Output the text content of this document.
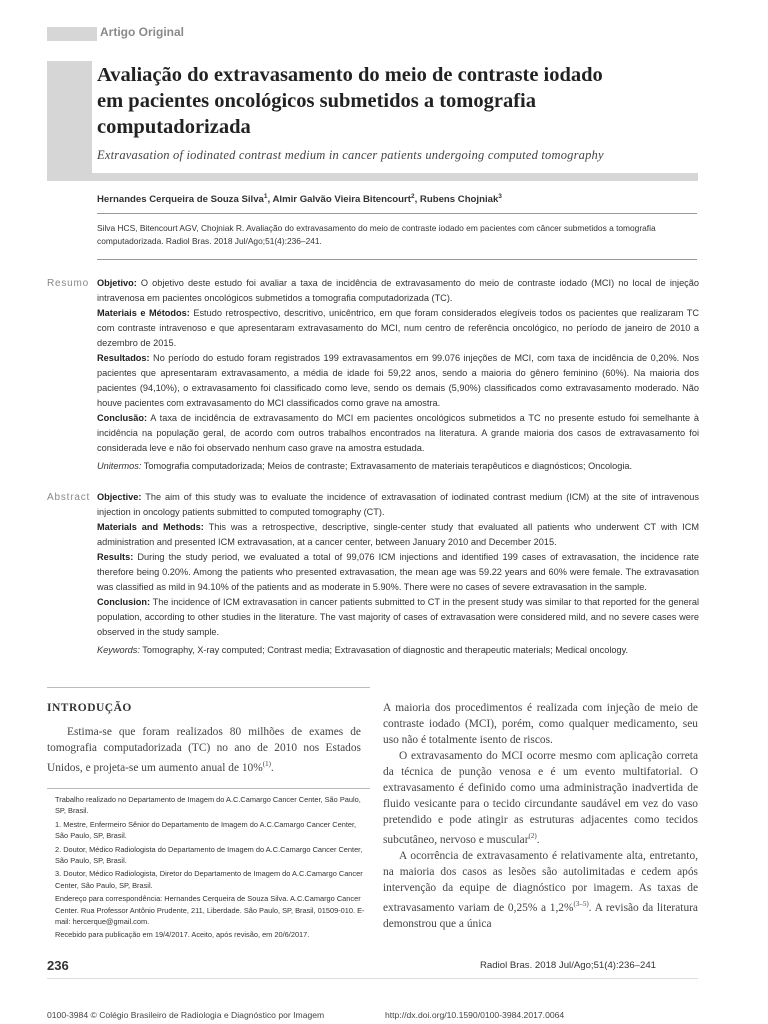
Artigo Original
Avaliação do extravasamento do meio de contraste iodado
em pacientes oncológicos submetidos a tomografia
computadorizada
Extravasation of iodinated contrast medium in cancer patients undergoing computed tomography
Hernandes Cerqueira de Souza Silva$^1$, Almir Galvão Vieira Bitencourt$^2$, Rubens Chojniak$^3$
Silva HCS, Bitencourt AGV, Chojniak R. Avaliação do extravasamento do meio de contraste iodado em pacientes com câncer submetidos a tomografia computadorizada. Radiol Bras. 2018 Jul/Ago;51(4):236–241.
Resumo Objetivo: O objetivo deste estudo foi avaliar a taxa de incidência de extravasamento do meio de contraste iodado (MCI) no local de injeção intravenosa em pacientes oncológicos submetidos a tomografia computadorizada (TC).

Materiais e Métodos: Estudo retrospectivo, descritivo, unicêntrico, em que foram considerados elegíveis todos os pacientes que realizaram TC com contraste intravenoso e que apresentaram extravasamento do MCI, num centro de referência oncológico, no período de janeiro de 2010 a dezembro de 2015.

Resultados: No período do estudo foram registrados 199 extravasamentos em 99.076 injeções de MCI, com taxa de incidência de 0,20%. Nos pacientes que apresentaram extravasamento, a média de idade foi 59,22 anos, sendo a maioria do gênero feminino (60%). Na maioria dos pacientes (94,10%), o extravasamento foi classificado como leve, sendo os demais (5,90%) classificados como extravasamento moderado. Não houve pacientes com extravasamento do MCI classificados como grave na amostra.

Conclusão: A taxa de incidência de extravasamento do MCI em pacientes oncológicos submetidos a TC no presente estudo foi semelhante à incidência na população geral, de acordo com outros trabalhos encontrados na literatura. A grande maioria dos casos de extravasamento foi considerada leve e não foi observado nenhum caso grave na amostra estudada.

Unitermos: Tomografia computadorizada; Meios de contraste; Extravasamento de materiais terapêuticos e diagnósticos; Oncologia.

Abstract Objective: The aim of this study was to evaluate the incidence of extravasation of iodinated contrast medium (ICM) at the site of intravenous injection in oncology patients submitted to computed tomography (CT).

Materials and Methods: This was a retrospective, descriptive, single-center study that evaluated all patients who underwent CT with ICM administration and presented ICM extravasation, at a cancer center, between January 2010 and December 2015.

Results: During the study period, we evaluated a total of 99,076 ICM injections and identified 199 cases of extravasation, the incidence rate therefore being 0.20%. Among the patients who presented extravasation, the mean age was 59.22 years and 60% were female. The extravasation was classified as mild in 94.10% of the patients and as moderate in 5.90%. There were no cases of severe extravasation in the sample.

Conclusion: The incidence of ICM extravasation in cancer patients submitted to CT in the present study was similar to that reported for the general population, according to other studies in the literature. The vast majority of cases of extravasation were considered mild, and no severe cases were observed in the study sample.

Keywords: Tomography, X-ray computed; Contrast media; Extravasation of diagnostic and therapeutic materials; Medical oncology.

INTRODUÇÃO

Estima-se que foram realizados 80 milhões de exames de tomografia computadorizada (TC) no ano de 2010 nos Estados Unidos, e projeta-se um aumento anual de 10%$^{(1)}$.

Trabalho realizado no Departamento de Imagem do A.C.Camargo Cancer Center, São Paulo, SP, Brasil.

1. Mestre, Enfermeiro Sênior do Departamento de Imagem do A.C.Camargo Cancer Center, São Paulo, SP, Brasil.

2. Doutor, Médico Radiologista do Departamento de Imagem do A.C.Camargo Cancer Center, São Paulo, SP, Brasil.

3. Doutor, Médico Radiologista, Diretor do Departamento de Imagem do A.C.Camargo Cancer Center, São Paulo, SP, Brasil.

Endereço para correspondência: Hernandes Cerqueira de Souza Silva. A.C.Camargo Cancer Center. Rua Professor Antônio Prudente, 211, Liberdade. São Paulo, SP, Brasil, 01509-010. E-mail: hercerque@gmail.com.

Recebido para publicação em 19/4/2017. Aceito, após revisão, em 20/6/2017.

A maioria dos procedimentos é realizada com injeção de meio de contraste iodado (MCI), porém, como qualquer medicamento, seu uso não é totalmente isento de riscos.

O extravasamento do MCI ocorre mesmo com aplicação correta da técnica de punção venosa e é um evento multifatorial. O extravasamento é definido como uma administração inadvertida de fluido vesicante para o tecido circundante saudável em vez do vaso pretendido e pode atingir as estruturas adjacentes como tecidos subcutâneo, nervoso e muscular$^{(2)}$.

A ocorrência de extravasamento é relativamente alta, entretanto, na maioria dos casos as lesões são autolimitadas e cedem após intervenção da equipe de diagnóstico por imagem. As taxas de extravasamento variam de 0,25% a 1,2%$^{(3-5)}$. A revisão da literatura demonstrou que a única

236	Radiol Bras. 2018 Jul/Ago;51(4):236–241
0100-3984 © Colégio Brasileiro de Radiologia e Diagnóstico por Imagem	http://dx.doi.org/10.1590/0100-3984.2017.0064
